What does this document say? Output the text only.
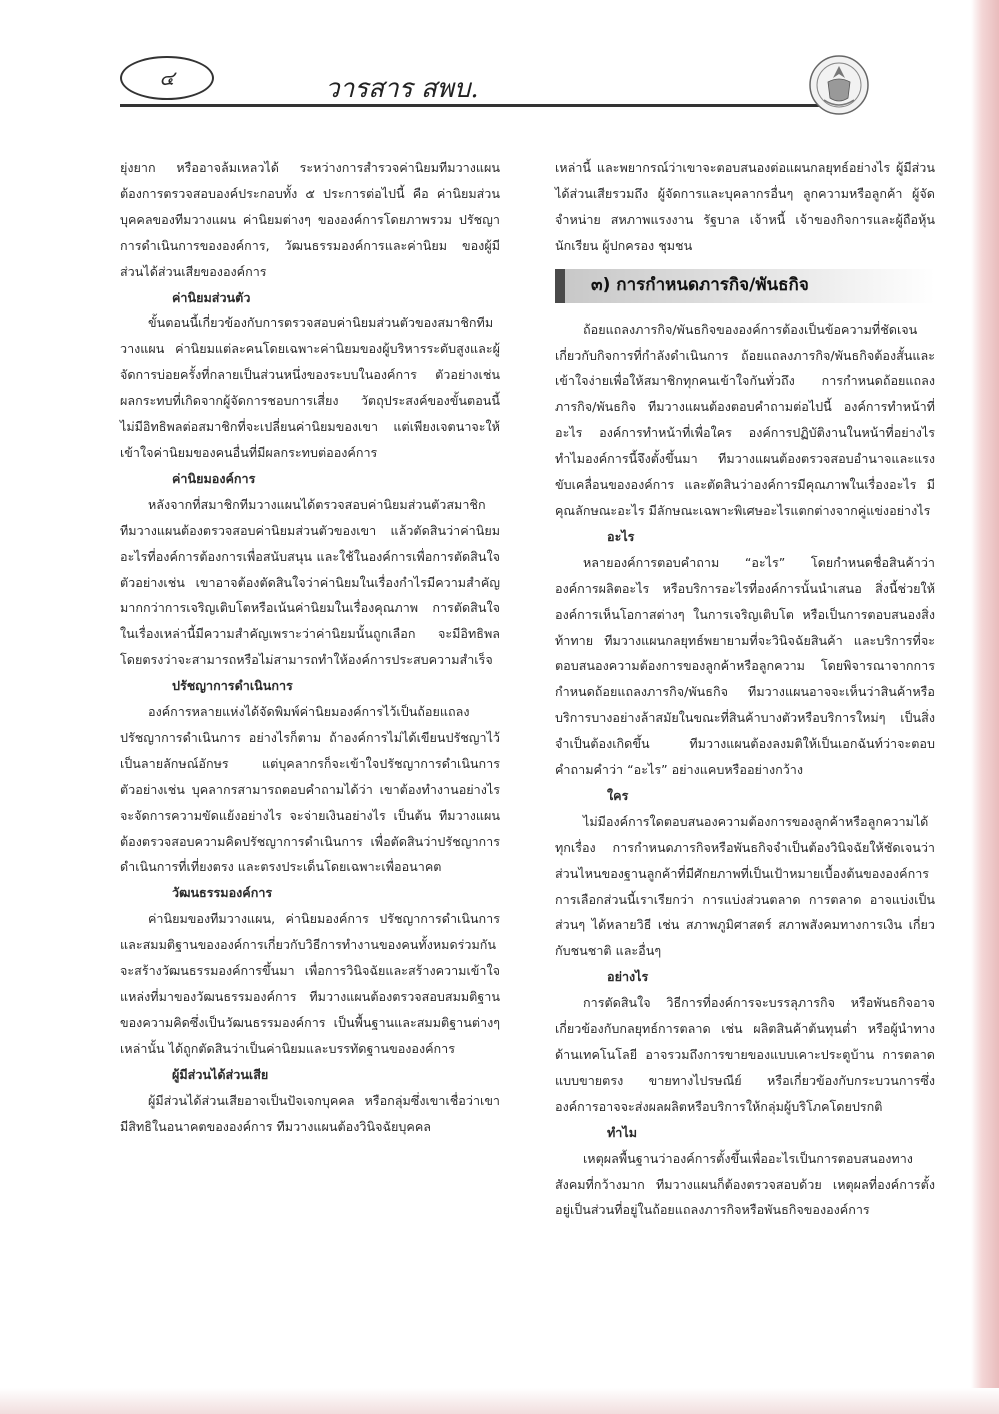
๔	วารสาร สพบ.

ยุ่งยาก หรืออาจล้มเหลวได้ ระหว่างการสำรวจค่านิยมทีมวางแผน ต้องการตรวจสอบองค์ประกอบทั้ง ๕ ประการต่อไปนี้ คือ ค่านิยมส่วนบุคคลของทีมวางแผน ค่านิยมต่างๆ ขององค์การโดยภาพรวม ปรัชญาการดำเนินการขององค์การ, วัฒนธรรมองค์การและค่านิยม ของผู้มีส่วนได้ส่วนเสียขององค์การ

ค่านิยมส่วนตัว

ขั้นตอนนี้เกี่ยวข้องกับการตรวจสอบค่านิยมส่วนตัวของสมาชิกทีมวางแผน ค่านิยมแต่ละคนโดยเฉพาะค่านิยมของผู้บริหารระดับสูงและผู้จัดการบ่อยครั้งที่กลายเป็นส่วนหนึ่งของระบบในองค์การ ตัวอย่างเช่น ผลกระทบที่เกิดจากผู้จัดการชอบการเสี่ยง วัตถุประสงค์ของขั้นตอนนี้ไม่มีอิทธิพลต่อสมาชิกที่จะเปลี่ยนค่านิยมของเขา แต่เพียงเจตนาจะให้เข้าใจค่านิยมของคนอื่นที่มีผลกระทบต่อองค์การ

ค่านิยมองค์การ

หลังจากที่สมาชิกทีมวางแผนได้ตรวจสอบค่านิยมส่วนตัวสมาชิกทีมวางแผนต้องตรวจสอบค่านิยมส่วนตัวของเขา แล้วตัดสินว่าค่านิยมอะไรที่องค์การต้องการเพื่อสนับสนุน และใช้ในองค์การเพื่อการตัดสินใจ ตัวอย่างเช่น เขาอาจต้องตัดสินใจว่าค่านิยมในเรื่องกำไรมีความสำคัญมากกว่าการเจริญเติบโตหรือเน้นค่านิยมในเรื่องคุณภาพ การตัดสินใจในเรื่องเหล่านี้มีความสำคัญเพราะว่าค่านิยมนั้นถูกเลือก จะมีอิทธิพลโดยตรงว่าจะสามารถหรือไม่สามารถทำให้องค์การประสบความสำเร็จ

ปรัชญาการดำเนินการ

องค์การหลายแห่งได้จัดพิมพ์ค่านิยมองค์การไว้เป็นถ้อยแถลงปรัชญาการดำเนินการ อย่างไรก็ตาม ถ้าองค์การไม่ได้เขียนปรัชญาไว้เป็นลายลักษณ์อักษร แต่บุคลากรก็จะเข้าใจปรัชญาการดำเนินการ ตัวอย่างเช่น บุคลากรสามารถตอบคำถามได้ว่า เขาต้องทำงานอย่างไร จะจัดการความขัดแย้งอย่างไร จะจ่ายเงินอย่างไร เป็นต้น ทีมวางแผนต้องตรวจสอบความคิดปรัชญาการดำเนินการ เพื่อตัดสินว่าปรัชญาการดำเนินการที่เที่ยงตรง และตรงประเด็นโดยเฉพาะเพื่ออนาคต

วัฒนธรรมองค์การ

ค่านิยมของทีมวางแผน, ค่านิยมองค์การ ปรัชญาการดำเนินการและสมมติฐานขององค์การเกี่ยวกับวิธีการทำงานของคนทั้งหมดร่วมกันจะสร้างวัฒนธรรมองค์การขึ้นมา เพื่อการวินิจฉัยและสร้างความเข้าใจแหล่งที่มาของวัฒนธรรมองค์การ ทีมวางแผนต้องตรวจสอบสมมติฐานของความคิดซึ่งเป็นวัฒนธรรมองค์การ เป็นพื้นฐานและสมมติฐานต่างๆ เหล่านั้น ได้ถูกตัดสินว่าเป็นค่านิยมและบรรทัดฐานขององค์การ

ผู้มีส่วนได้ส่วนเสีย

ผู้มีส่วนได้ส่วนเสียอาจเป็นปัจเจกบุคคล หรือกลุ่มซึ่งเขาเชื่อว่าเขามีสิทธิในอนาคตขององค์การ ทีมวางแผนต้องวินิจฉัยบุคคล

เหล่านี้ และพยากรณ์ว่าเขาจะตอบสนองต่อแผนกลยุทธ์อย่างไร ผู้มีส่วนได้ส่วนเสียรวมถึง ผู้จัดการและบุคลากรอื่นๆ ลูกความหรือลูกค้า ผู้จัดจำหน่าย สหภาพแรงงาน รัฐบาล เจ้าหนี้ เจ้าของกิจการและผู้ถือหุ้น นักเรียน ผู้ปกครอง ชุมชน

๓) การกำหนดภารกิจ/พันธกิจ

ถ้อยแถลงภารกิจ/พันธกิจขององค์การต้องเป็นข้อความที่ชัดเจนเกี่ยวกับกิจการที่กำลังดำเนินการ ถ้อยแถลงภารกิจ/พันธกิจต้องสั้นและเข้าใจง่ายเพื่อให้สมาชิกทุกคนเข้าใจกันทั่วถึง การกำหนดถ้อยแถลงภารกิจ/พันธกิจ ทีมวางแผนต้องตอบคำถามต่อไปนี้ องค์การทำหน้าที่อะไร องค์การทำหน้าที่เพื่อใคร องค์การปฏิบัติงานในหน้าที่อย่างไร ทำไมองค์การนี้จึงตั้งขึ้นมา ทีมวางแผนต้องตรวจสอบอำนาจและแรงขับเคลื่อนขององค์การ และตัดสินว่าองค์การมีคุณภาพในเรื่องอะไร มีคุณลักษณะอะไร มีลักษณะเฉพาะพิเศษอะไรแตกต่างจากคู่แข่งอย่างไร

อะไร

หลายองค์การตอบคำถาม “อะไร” โดยกำหนดชื่อสินค้าว่าองค์การผลิตอะไร หรือบริการอะไรที่องค์การนั้นนำเสนอ สิ่งนี้ช่วยให้องค์การเห็นโอกาสต่างๆ ในการเจริญเติบโต หรือเป็นการตอบสนองสิ่งท้าทาย ทีมวางแผนกลยุทธ์พยายามที่จะวินิจฉัยสินค้า และบริการที่จะตอบสนองความต้องการของลูกค้าหรือลูกความ โดยพิจารณาจากการกำหนดถ้อยแถลงภารกิจ/พันธกิจ ทีมวางแผนอาจจะเห็นว่าสินค้าหรือบริการบางอย่างล้าสมัยในขณะที่สินค้าบางตัวหรือบริการใหม่ๆ เป็นสิ่งจำเป็นต้องเกิดขึ้น ทีมวางแผนต้องลงมติให้เป็นเอกฉันท์ว่าจะตอบคำถามคำว่า “อะไร” อย่างแคบหรืออย่างกว้าง

ใคร

ไม่มีองค์การใดตอบสนองความต้องการของลูกค้าหรือลูกความได้ทุกเรื่อง การกำหนดภารกิจหรือพันธกิจจำเป็นต้องวินิจฉัยให้ชัดเจนว่าส่วนไหนของฐานลูกค้าที่มีศักยภาพที่เป็นเป้าหมายเบื้องต้นขององค์การ การเลือกส่วนนี้เราเรียกว่า การแบ่งส่วนตลาด การตลาด อาจแบ่งเป็นส่วนๆ ได้หลายวิธี เช่น สภาพภูมิศาสตร์ สภาพสังคมทางการเงิน เกี่ยวกับชนชาติ และอื่นๆ

อย่างไร

การตัดสินใจ วิธีการที่องค์การจะบรรลุภารกิจ หรือพันธกิจอาจเกี่ยวข้องกับกลยุทธ์การตลาด เช่น ผลิตสินค้าต้นทุนต่ำ หรือผู้นำทางด้านเทคโนโลยี อาจรวมถึงการขายของแบบเคาะประตูบ้าน การตลาดแบบขายตรง ขายทางไปรษณีย์ หรือเกี่ยวข้องกับกระบวนการซึ่งองค์การอาจจะส่งผลผลิตหรือบริการให้กลุ่มผู้บริโภคโดยปรกติ

ทำไม

เหตุผลพื้นฐานว่าองค์การตั้งขึ้นเพื่ออะไรเป็นการตอบสนองทางสังคมที่กว้างมาก ทีมวางแผนก็ต้องตรวจสอบด้วย เหตุผลที่องค์การตั้งอยู่เป็นส่วนที่อยู่ในถ้อยแถลงภารกิจหรือพันธกิจขององค์การ
